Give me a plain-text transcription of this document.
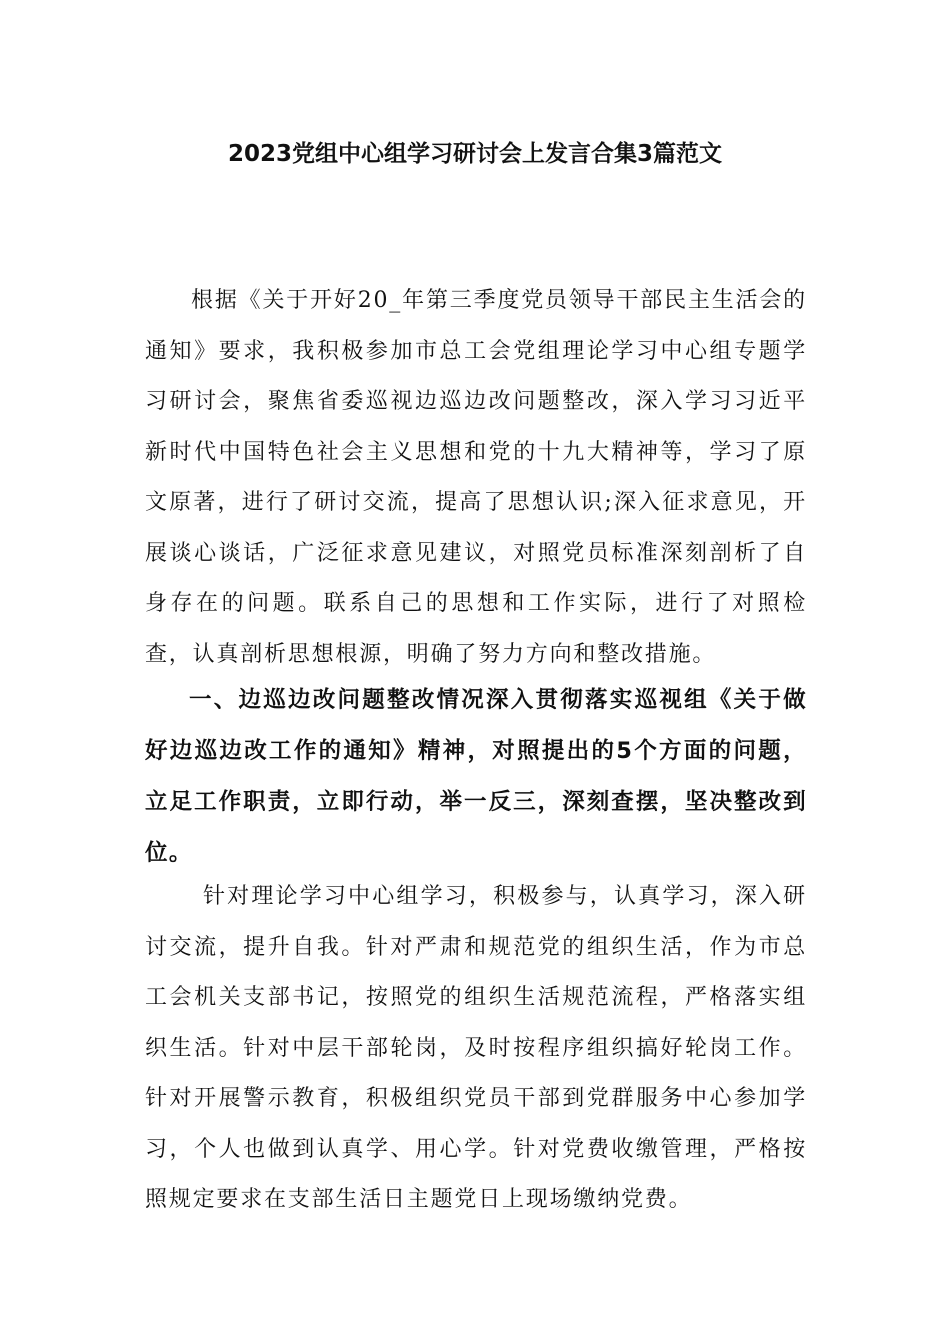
2023党组中心组学习研讨会上发言合集3篇范文

根据《关于开好20_年第三季度党员领导干部民主生活会的通知》要求，我积极参加市总工会党组理论学习中心组专题学习研讨会，聚焦省委巡视边巡边改问题整改，深入学习习近平新时代中国特色社会主义思想和党的十九大精神等，学习了原文原著，进行了研讨交流，提高了思想认识;深入征求意见，开展谈心谈话，广泛征求意见建议，对照党员标准深刻剖析了自身存在的问题。联系自己的思想和工作实际，进行了对照检查，认真剖析思想根源，明确了努力方向和整改措施。

一、边巡边改问题整改情况深入贯彻落实巡视组《关于做好边巡边改工作的通知》精神，对照提出的5个方面的问题，立足工作职责，立即行动，举一反三，深刻查摆，坚决整改到位。

针对理论学习中心组学习，积极参与，认真学习，深入研讨交流，提升自我。针对严肃和规范党的组织生活，作为市总工会机关支部书记，按照党的组织生活规范流程，严格落实组织生活。针对中层干部轮岗，及时按程序组织搞好轮岗工作。针对开展警示教育，积极组织党员干部到党群服务中心参加学习，个人也做到认真学、用心学。针对党费收缴管理，严格按照规定要求在支部生活日主题党日上现场缴纳党费。
